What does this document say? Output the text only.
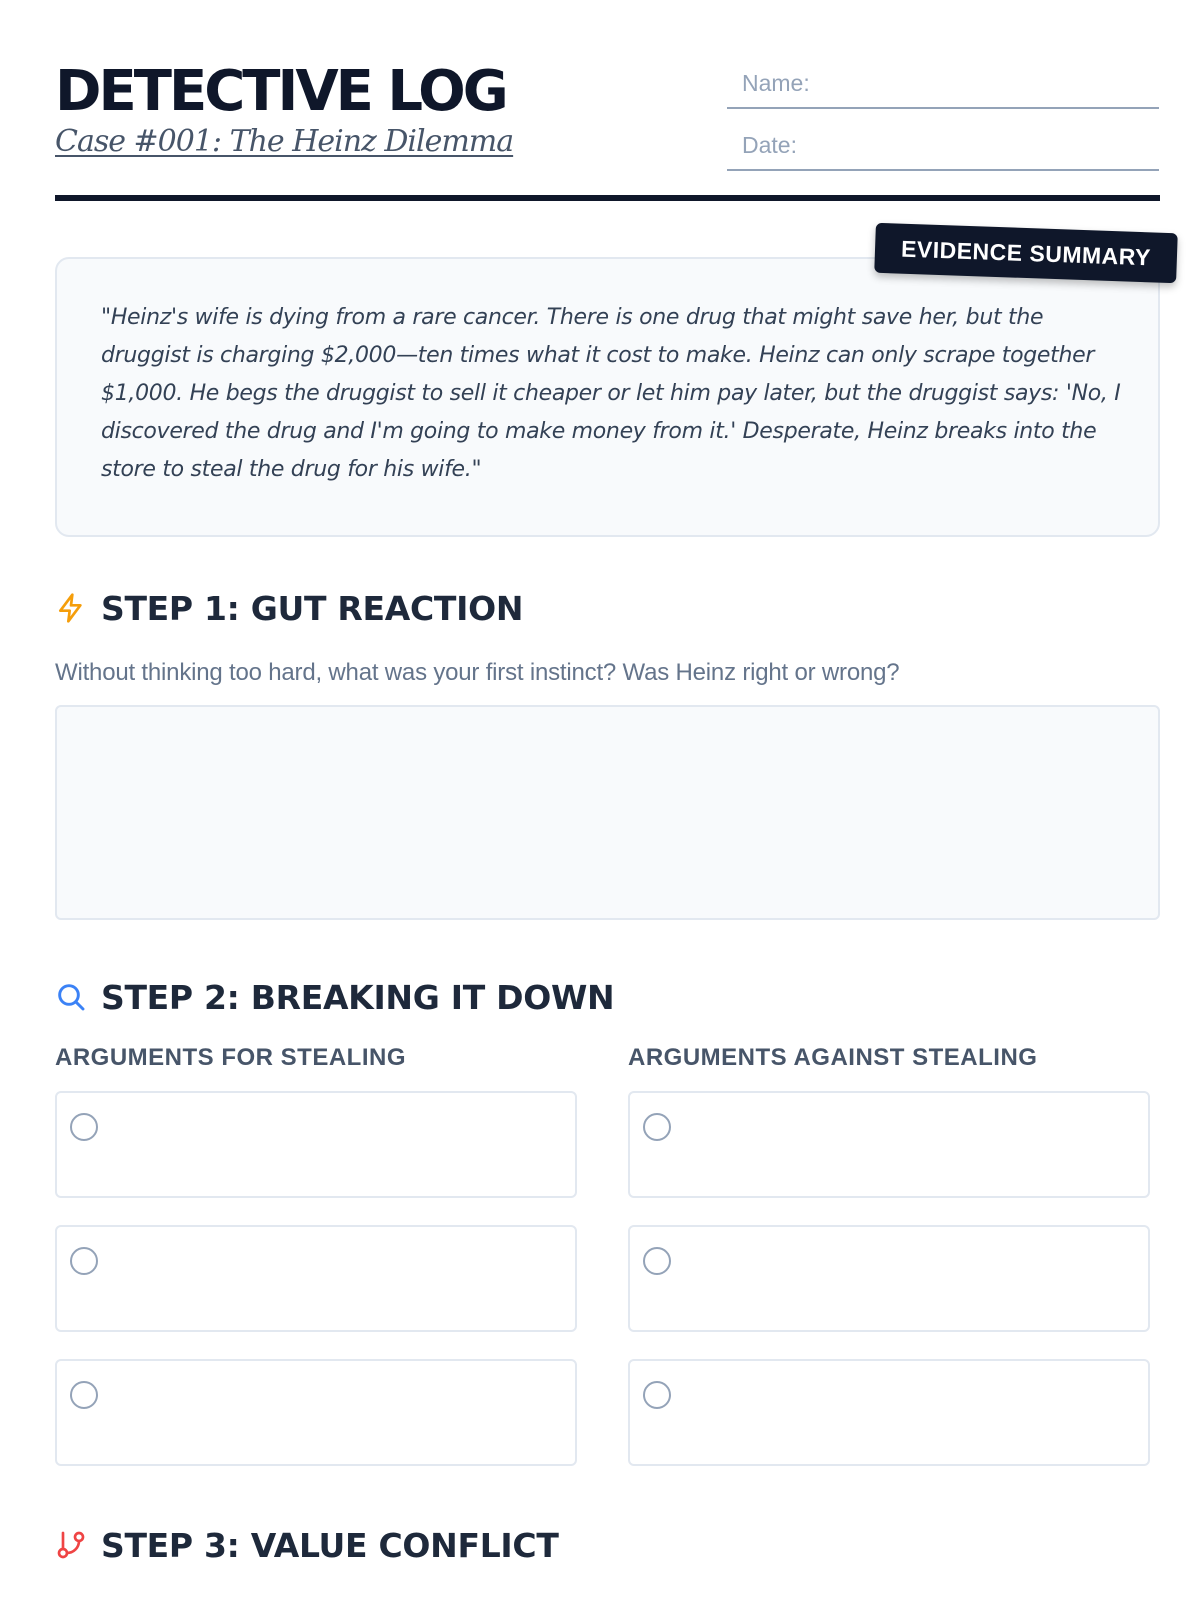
DETECTIVE LOG
Case #001: The Heinz Dilemma
Name:
Date:

"Heinz's wife is dying from a rare cancer. There is one drug that might save her, but the druggist is charging $2,000—ten times what it cost to make. Heinz can only scrape together $1,000. He begs the druggist to sell it cheaper or let him pay later, but the druggist says: 'No, I discovered the drug and I'm going to make money from it.' Desperate, Heinz breaks into the store to steal the drug for his wife."

EVIDENCE SUMMARY
STEP 1: GUT REACTION

Without thinking too hard, what was your first instinct? Was Heinz right or wrong?

STEP 2: BREAKING IT DOWN
ARGUMENTS FOR STEALING	ARGUMENTS AGAINST STEALING
STEP 3: VALUE CONFLICT
